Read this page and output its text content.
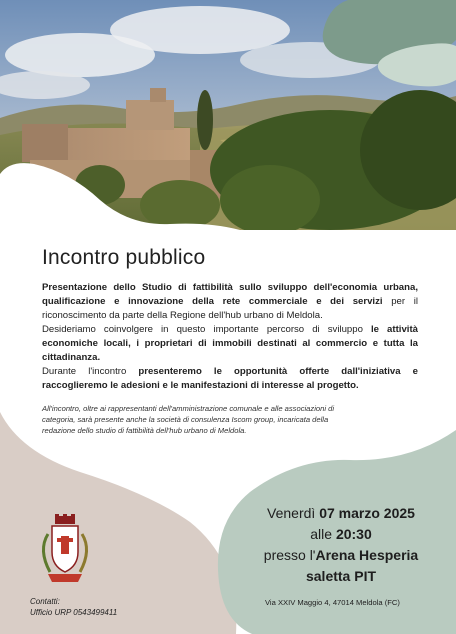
Incontro pubblico

Presentazione dello Studio di fattibilità sullo sviluppo dell'economia urbana, qualificazione e innovazione della rete commerciale e dei servizi per il riconoscimento da parte della Regione dell'hub urbano di Meldola.

Desideriamo coinvolgere in questo importante percorso di sviluppo le attività economiche locali, i proprietari di immobili destinati al commercio e tutta la cittadinanza.

Durante l'incontro presenteremo le opportunità offerte dall'iniziativa e raccoglieremo le adesioni e le manifestazioni di interesse al progetto.

All'incontro, oltre ai rappresentanti dell'amministrazione comunale e alle associazioni di categoria, sarà presente anche la società di consulenza Iscom group, incaricata della redazione dello studio di fattibilità dell'hub urbano di Meldola.
Contatti:
Ufficio URP 0543499411
Venerdì 07 marzo 2025
alle 20:30
presso l'Arena Hesperia
saletta PIT
Via XXIV Maggio 4, 47014 Meldola (FC)
